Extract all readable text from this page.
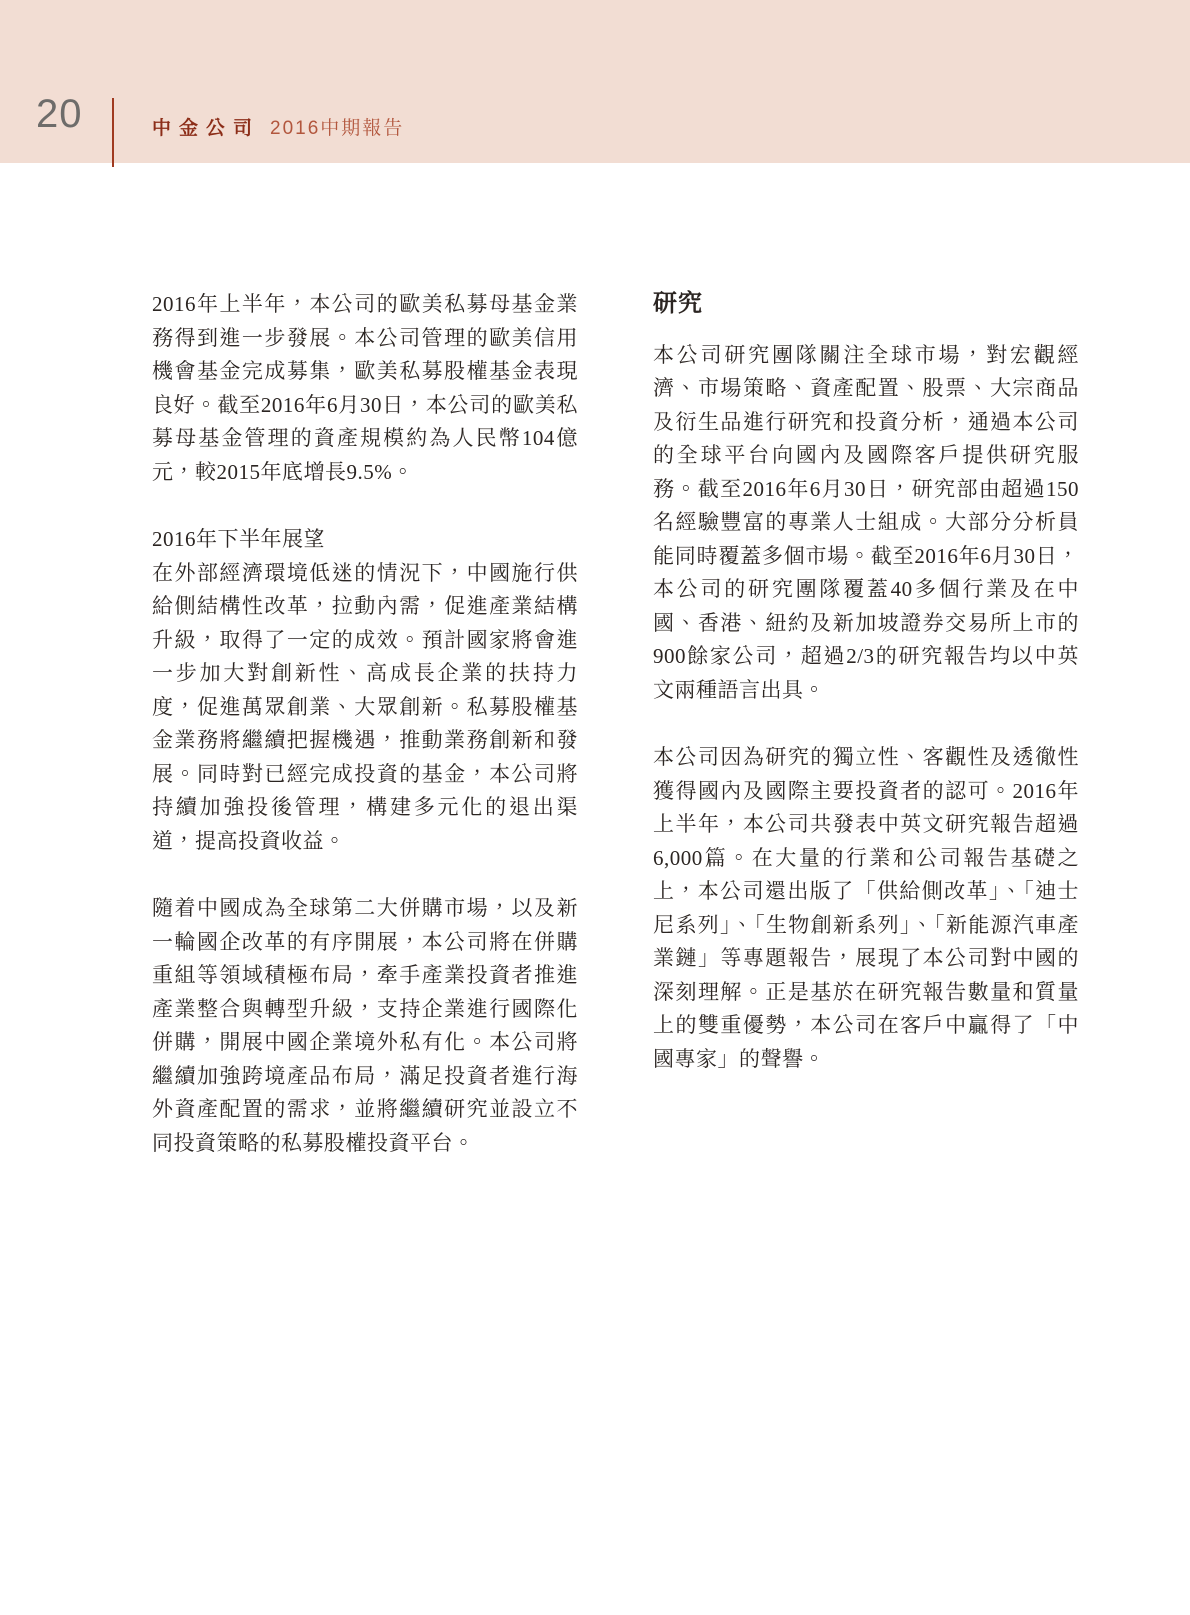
20	中金公司 2016中期報告

2016年上半年，本公司的歐美私募母基金業務得到進一步發展。本公司管理的歐美信用機會基金完成募集，歐美私募股權基金表現良好。截至2016年6月30日，本公司的歐美私募母基金管理的資產規模約為人民幣104億元，較2015年底增長9.5%。

2016年下半年展望

在外部經濟環境低迷的情況下，中國施行供給側結構性改革，拉動內需，促進產業結構升級，取得了一定的成效。預計國家將會進一步加大對創新性、高成長企業的扶持力度，促進萬眾創業、大眾創新。私募股權基金業務將繼續把握機遇，推動業務創新和發展。同時對已經完成投資的基金，本公司將持續加強投後管理，構建多元化的退出渠道，提高投資收益。

隨着中國成為全球第二大併購市場，以及新一輪國企改革的有序開展，本公司將在併購重組等領域積極布局，牽手產業投資者推進產業整合與轉型升級，支持企業進行國際化併購，開展中國企業境外私有化。本公司將繼續加強跨境產品布局，滿足投資者進行海外資產配置的需求，並將繼續研究並設立不同投資策略的私募股權投資平台。

研究

本公司研究團隊關注全球市場，對宏觀經濟、市場策略、資產配置、股票、大宗商品及衍生品進行研究和投資分析，通過本公司的全球平台向國內及國際客戶提供研究服務。截至2016年6月30日，研究部由超過150名經驗豐富的專業人士組成。大部分分析員能同時覆蓋多個市場。截至2016年6月30日，本公司的研究團隊覆蓋40多個行業及在中國、香港、紐約及新加坡證券交易所上市的900餘家公司，超過2/3的研究報告均以中英文兩種語言出具。

本公司因為研究的獨立性、客觀性及透徹性獲得國內及國際主要投資者的認可。2016年上半年，本公司共發表中英文研究報告超過6,000篇。在大量的行業和公司報告基礎之上，本公司還出版了「供給側改革」、「迪士尼系列」、「生物創新系列」、「新能源汽車產業鏈」等專題報告，展現了本公司對中國的深刻理解。正是基於在研究報告數量和質量上的雙重優勢，本公司在客戶中贏得了「中國專家」的聲譽。
